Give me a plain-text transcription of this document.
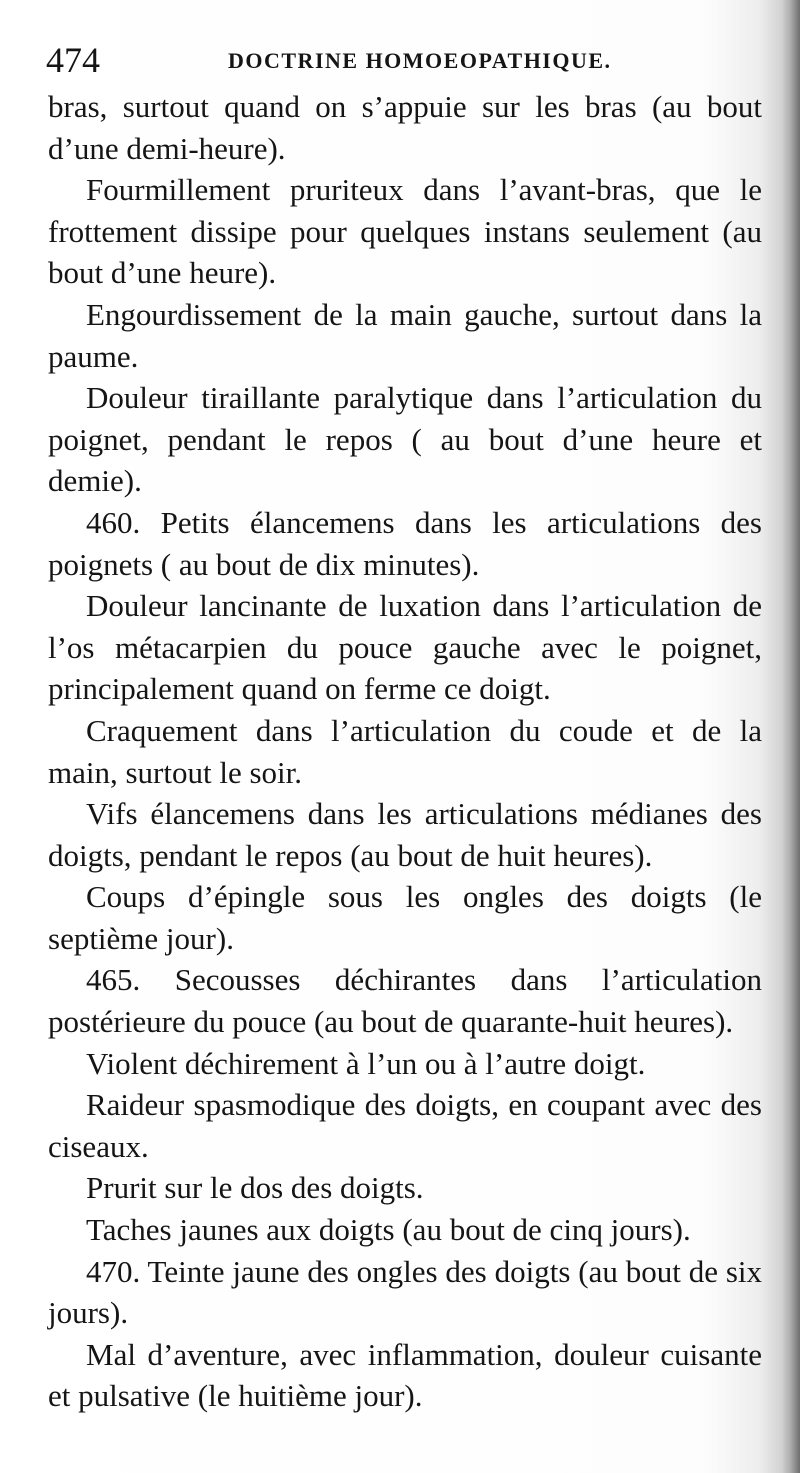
474	DOCTRINE HOMOEOPATHIQUE.

bras, surtout quand on s’appuie sur les bras (au bout d’une demi-heure).

Fourmillement pruriteux dans l’avant-bras, que le frottement dissipe pour quelques instans seulement (au bout d’une heure).

Engourdissement de la main gauche, surtout dans la paume.

Douleur tiraillante paralytique dans l’articulation du poignet, pendant le repos ( au bout d’une heure et demie).

460. Petits élancemens dans les articulations des poignets ( au bout de dix minutes).

Douleur lancinante de luxation dans l’articulation de l’os métacarpien du pouce gauche avec le poignet, principalement quand on ferme ce doigt.

Craquement dans l’articulation du coude et de la main, surtout le soir.

Vifs élancemens dans les articulations médianes des doigts, pendant le repos (au bout de huit heures).

Coups d’épingle sous les ongles des doigts (le septième jour).

465. Secousses déchirantes dans l’articulation postérieure du pouce (au bout de quarante-huit heures).

Violent déchirement à l’un ou à l’autre doigt.

Raideur spasmodique des doigts, en coupant avec des ciseaux.

Prurit sur le dos des doigts.

Taches jaunes aux doigts (au bout de cinq jours).

470. Teinte jaune des ongles des doigts (au bout de six jours).

Mal d’aventure, avec inflammation, douleur cuisante et pulsative (le huitième jour).
